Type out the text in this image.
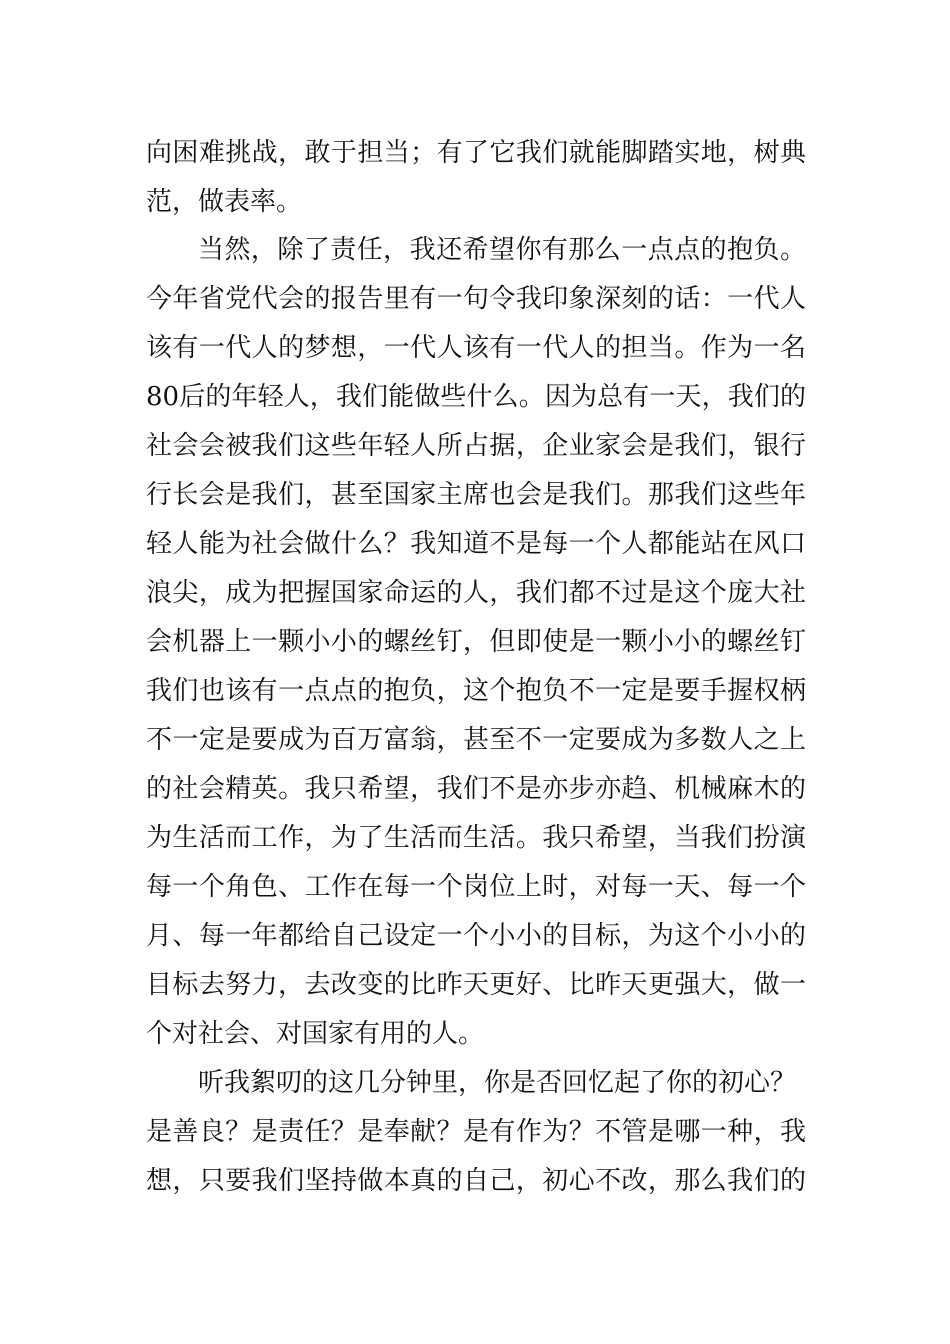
向困难挑战，敢于担当；有了它我们就能脚踏实地，树典
范，做表率。
当然，除了责任，我还希望你有那么一点点的抱负。
今年省党代会的报告里有一句令我印象深刻的话：一代人
该有一代人的梦想，一代人该有一代人的担当。作为一名
80后的年轻人，我们能做些什么。因为总有一天，我们的
社会会被我们这些年轻人所占据，企业家会是我们，银行
行长会是我们，甚至国家主席也会是我们。那我们这些年
轻人能为社会做什么？我知道不是每一个人都能站在风口
浪尖，成为把握国家命运的人，我们都不过是这个庞大社
会机器上一颗小小的螺丝钉，但即使是一颗小小的螺丝钉
我们也该有一点点的抱负，这个抱负不一定是要手握权柄
不一定是要成为百万富翁，甚至不一定要成为多数人之上
的社会精英。我只希望，我们不是亦步亦趋、机械麻木的
为生活而工作，为了生活而生活。我只希望，当我们扮演
每一个角色、工作在每一个岗位上时，对每一天、每一个
月、每一年都给自己设定一个小小的目标，为这个小小的
目标去努力，去改变的比昨天更好、比昨天更强大，做一
个对社会、对国家有用的人。
听我絮叨的这几分钟里，你是否回忆起了你的初心？
是善良？是责任？是奉献？是有作为？不管是哪一种，我
想，只要我们坚持做本真的自己，初心不改，那么我们的
